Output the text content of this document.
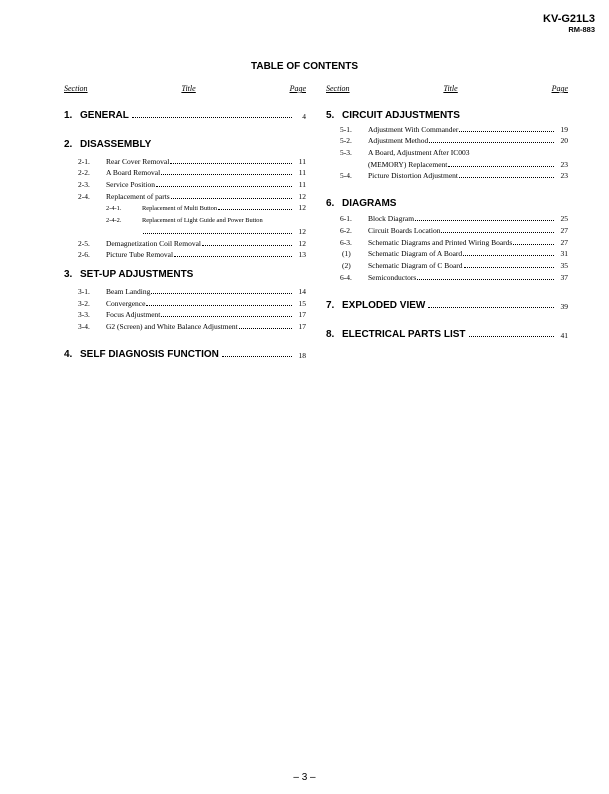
KV-G21L3
RM-883
TABLE OF CONTENTS
Section	Title	Page
1. GENERAL	4
2. DISASSEMBLY
2-1.	Rear Cover Removal	11
2-2.	A Board Removal	11
2-3.	Service Position	11
2-4.	Replacement of parts	12
2-4-1.	Replacement of Multi Button	12
2-4-2.	Replacement of Light Guide and Power Button
12
2-5.	Demagnetization Coil Removal	12
2-6.	Picture Tube Removal	13
3. SET-UP ADJUSTMENTS
3-1.	Beam Landing	14
3-2.	Convergence	15
3-3.	Focus Adjustment	17
3-4.	G2 (Screen) and White Balance Adjustment	17
4. SELF DIAGNOSIS FUNCTION	18
Section	Title	Page
5. CIRCUIT ADJUSTMENTS
5-1.	Adjustment With Commander	19
5-2.	Adjustment Method	20
5-3.	A Board, Adjustment After IC003
(MEMORY) Replacement	23
5-4.	Picture Distortion Adjustment	23
6. DIAGRAMS
6-1.	Block Diagram	25
6-2.	Circuit Boards Location	27
6-3.	Schematic Diagrams and Printed Wiring Boards	27
(1)	Schematic Diagram of A Board	31
(2)	Schematic Diagram of C Board	35
6-4.	Semiconductors	37
7. EXPLODED VIEW	39
8. ELECTRICAL PARTS LIST	41
– 3 –
